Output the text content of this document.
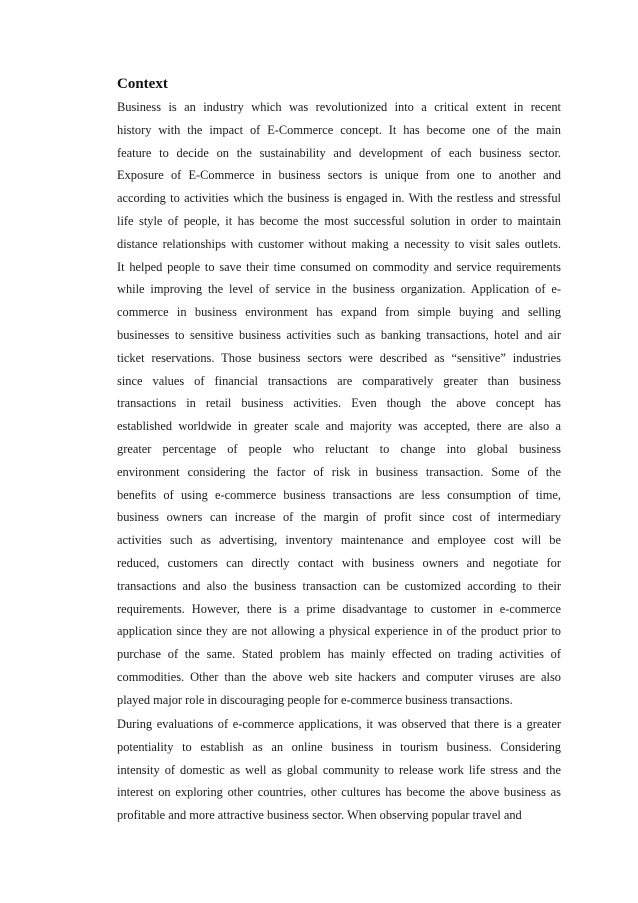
Context
Business is an industry which was revolutionized into a critical extent in recent
history with the impact of E-Commerce concept. It has become one of the main
feature to decide on the sustainability and development of each business sector.
Exposure of E-Commerce in business sectors is unique from one to another and
according to activities which the business is engaged in. With the restless and stressful
life style of people, it has become the most successful solution in order to maintain
distance relationships with customer without making a necessity to visit sales outlets.
It helped people to save their time consumed on commodity and service requirements
while improving the level of service in the business organization. Application of e-
commerce in business environment has expand from simple buying and selling
businesses to sensitive business activities such as banking transactions, hotel and air
ticket reservations. Those business sectors were described as “sensitive” industries
since values of financial transactions are comparatively greater than business
transactions in retail business activities. Even though the above concept has
established worldwide in greater scale and majority was accepted, there are also a
greater percentage of people who reluctant to change into global business
environment considering the factor of risk in business transaction. Some of the
benefits of using e-commerce business transactions are less consumption of time,
business owners can increase of the margin of profit since cost of intermediary
activities such as advertising, inventory maintenance and employee cost will be
reduced, customers can directly contact with business owners and negotiate for
transactions and also the business transaction can be customized according to their
requirements. However, there is a prime disadvantage to customer in e-commerce
application since they are not allowing a physical experience in of the product prior to
purchase of the same. Stated problem has mainly effected on trading activities of
commodities. Other than the above web site hackers and computer viruses are also
played major role in discouraging people for e-commerce business transactions.
During evaluations of e-commerce applications, it was observed that there is a greater
potentiality to establish as an online business in tourism business. Considering
intensity of domestic as well as global community to release work life stress and the
interest on exploring other countries, other cultures has become the above business as
profitable and more attractive business sector. When observing popular travel and
